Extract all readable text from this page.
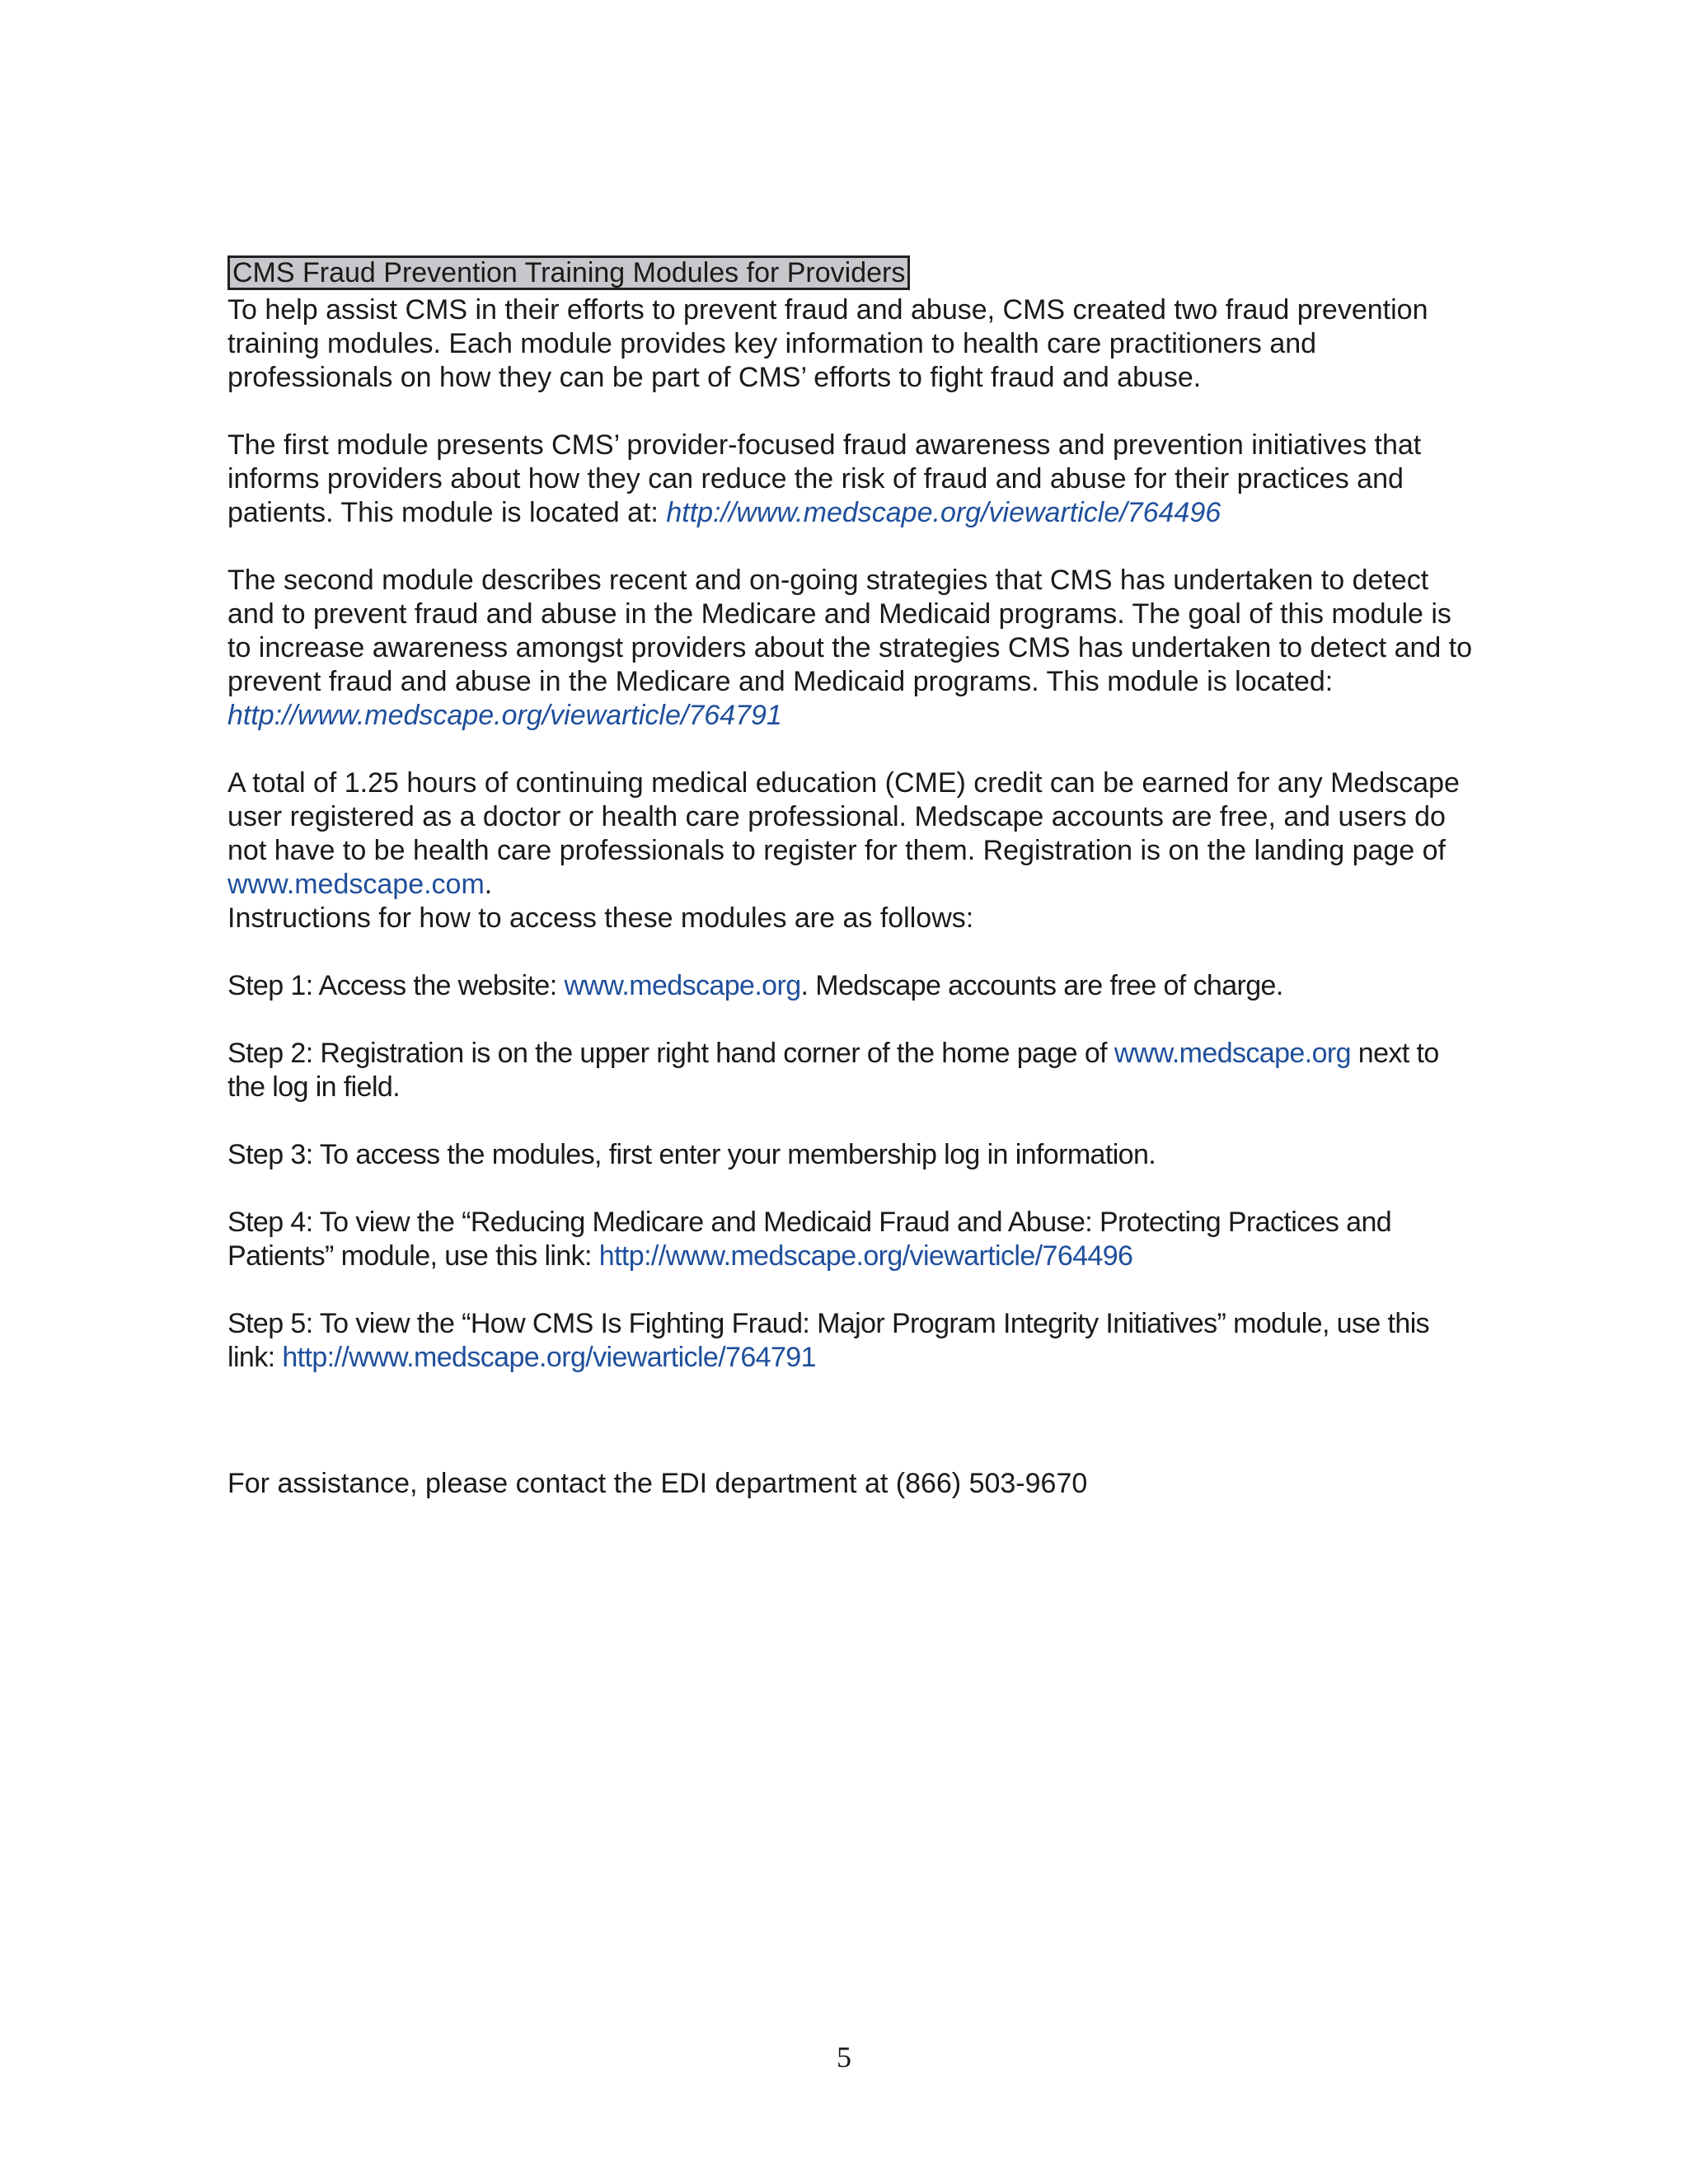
CMS Fraud Prevention Training Modules for Providers

To help assist CMS in their efforts to prevent fraud and abuse, CMS created two fraud prevention training modules. Each module provides key information to health care practitioners and professionals on how they can be part of CMS’ efforts to fight fraud and abuse.

The first module presents CMS’ provider-focused fraud awareness and prevention initiatives that informs providers about how they can reduce the risk of fraud and abuse for their practices and patients. This module is located at: http://www.medscape.org/viewarticle/764496

The second module describes recent and on-going strategies that CMS has undertaken to detect and to prevent fraud and abuse in the Medicare and Medicaid programs. The goal of this module is to increase awareness amongst providers about the strategies CMS has undertaken to detect and to prevent fraud and abuse in the Medicare and Medicaid programs. This module is located:
http://www.medscape.org/viewarticle/764791

A total of 1.25 hours of continuing medical education (CME) credit can be earned for any Medscape user registered as a doctor or health care professional. Medscape accounts are free, and users do not have to be health care professionals to register for them. Registration is on the landing page of www.medscape.com.

Instructions for how to access these modules are as follows:

Step 1: Access the website: www.medscape.org. Medscape accounts are free of charge.

Step 2: Registration is on the upper right hand corner of the home page of www.medscape.org next to the log in field.

Step 3: To access the modules, first enter your membership log in information.

Step 4: To view the “Reducing Medicare and Medicaid Fraud and Abuse: Protecting Practices and Patients” module, use this link: http://www.medscape.org/viewarticle/764496

Step 5: To view the “How CMS Is Fighting Fraud: Major Program Integrity Initiatives” module, use this link: http://www.medscape.org/viewarticle/764791

For assistance, please contact the EDI department at (866) 503-9670
5
